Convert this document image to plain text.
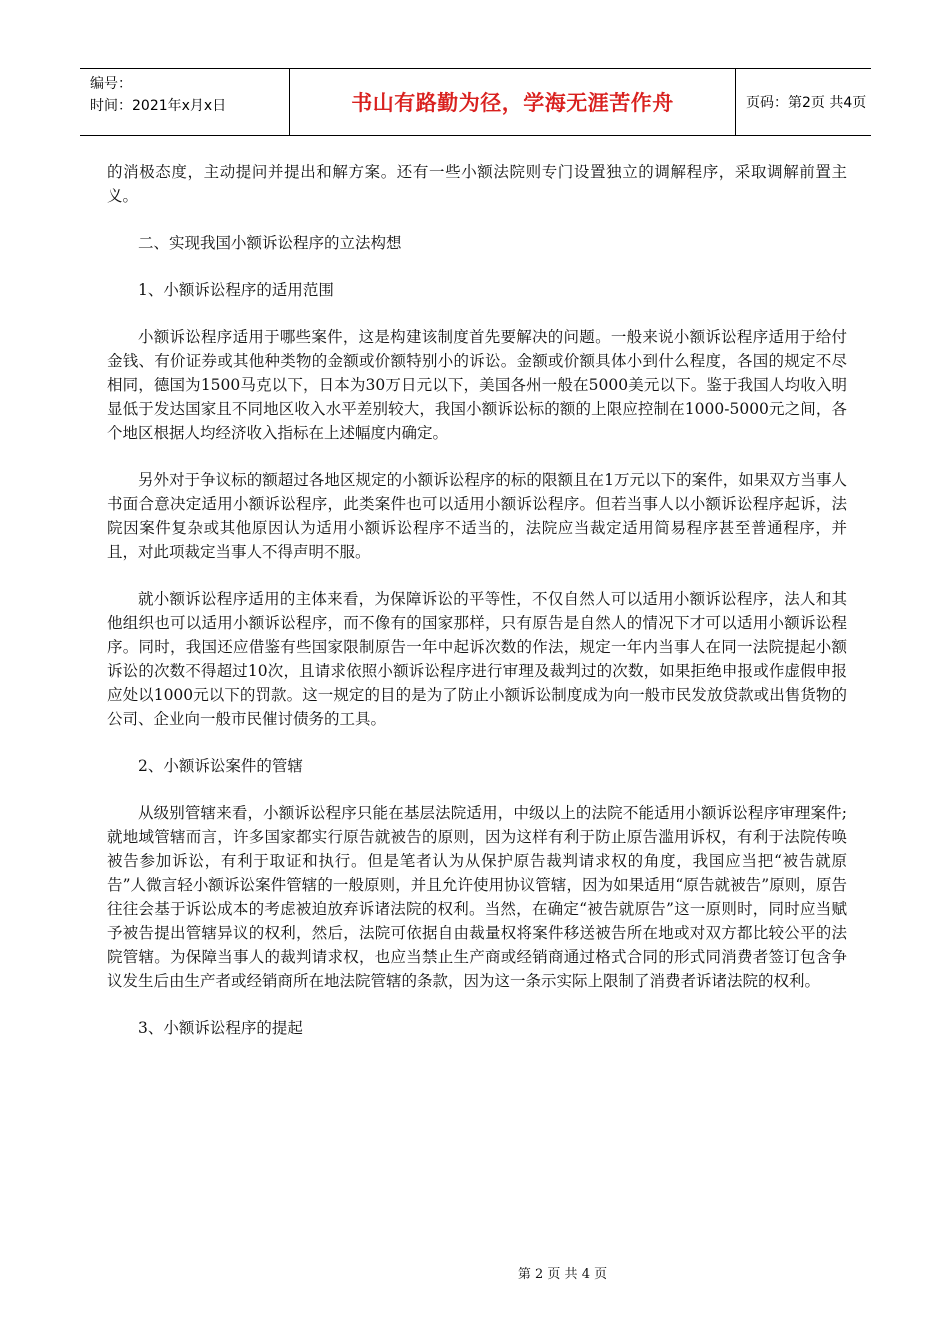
编号：
时间：2021年x月x日	书山有路勤为径，学海无涯苦作舟	页码：第2页 共4页

的消极态度，主动提问并提出和解方案。还有一些小额法院则专门设置独立的调解程序，采取调解前置主义。

二、实现我国小额诉讼程序的立法构想

1、小额诉讼程序的适用范围

小额诉讼程序适用于哪些案件，这是构建该制度首先要解决的问题。一般来说小额诉讼程序适用于给付金钱、有价证券或其他种类物的金额或价额特别小的诉讼。金额或价额具体小到什么程度，各国的规定不尽相同，德国为1500马克以下，日本为30万日元以下，美国各州一般在5000美元以下。鉴于我国人均收入明显低于发达国家且不同地区收入水平差别较大，我国小额诉讼标的额的上限应控制在1000-5000元之间，各个地区根据人均经济收入指标在上述幅度内确定。

另外对于争议标的额超过各地区规定的小额诉讼程序的标的限额且在1万元以下的案件，如果双方当事人书面合意决定适用小额诉讼程序，此类案件也可以适用小额诉讼程序。但若当事人以小额诉讼程序起诉，法院因案件复杂或其他原因认为适用小额诉讼程序不适当的，法院应当裁定适用简易程序甚至普通程序，并且，对此项裁定当事人不得声明不服。

就小额诉讼程序适用的主体来看，为保障诉讼的平等性，不仅自然人可以适用小额诉讼程序，法人和其他组织也可以适用小额诉讼程序，而不像有的国家那样，只有原告是自然人的情况下才可以适用小额诉讼程序。同时，我国还应借鉴有些国家限制原告一年中起诉次数的作法，规定一年内当事人在同一法院提起小额诉讼的次数不得超过10次，且请求依照小额诉讼程序进行审理及裁判过的次数，如果拒绝申报或作虚假申报应处以1000元以下的罚款。这一规定的目的是为了防止小额诉讼制度成为向一般市民发放贷款或出售货物的公司、企业向一般市民催讨债务的工具。

2、小额诉讼案件的管辖

从级别管辖来看，小额诉讼程序只能在基层法院适用，中级以上的法院不能适用小额诉讼程序审理案件;就地域管辖而言，许多国家都实行原告就被告的原则，因为这样有利于防止原告滥用诉权，有利于法院传唤被告参加诉讼，有利于取证和执行。但是笔者认为从保护原告裁判请求权的角度，我国应当把“被告就原告”人微言轻小额诉讼案件管辖的一般原则，并且允许使用协议管辖，因为如果适用“原告就被告”原则，原告往往会基于诉讼成本的考虑被迫放弃诉诸法院的权利。当然，在确定“被告就原告”这一原则时，同时应当赋予被告提出管辖异议的权利，然后，法院可依据自由裁量权将案件移送被告所在地或对双方都比较公平的法院管辖。为保障当事人的裁判请求权，也应当禁止生产商或经销商通过格式合同的形式同消费者签订包含争议发生后由生产者或经销商所在地法院管辖的条款，因为这一条示实际上限制了消费者诉诸法院的权利。

3、小额诉讼程序的提起

第 2 页 共 4 页
